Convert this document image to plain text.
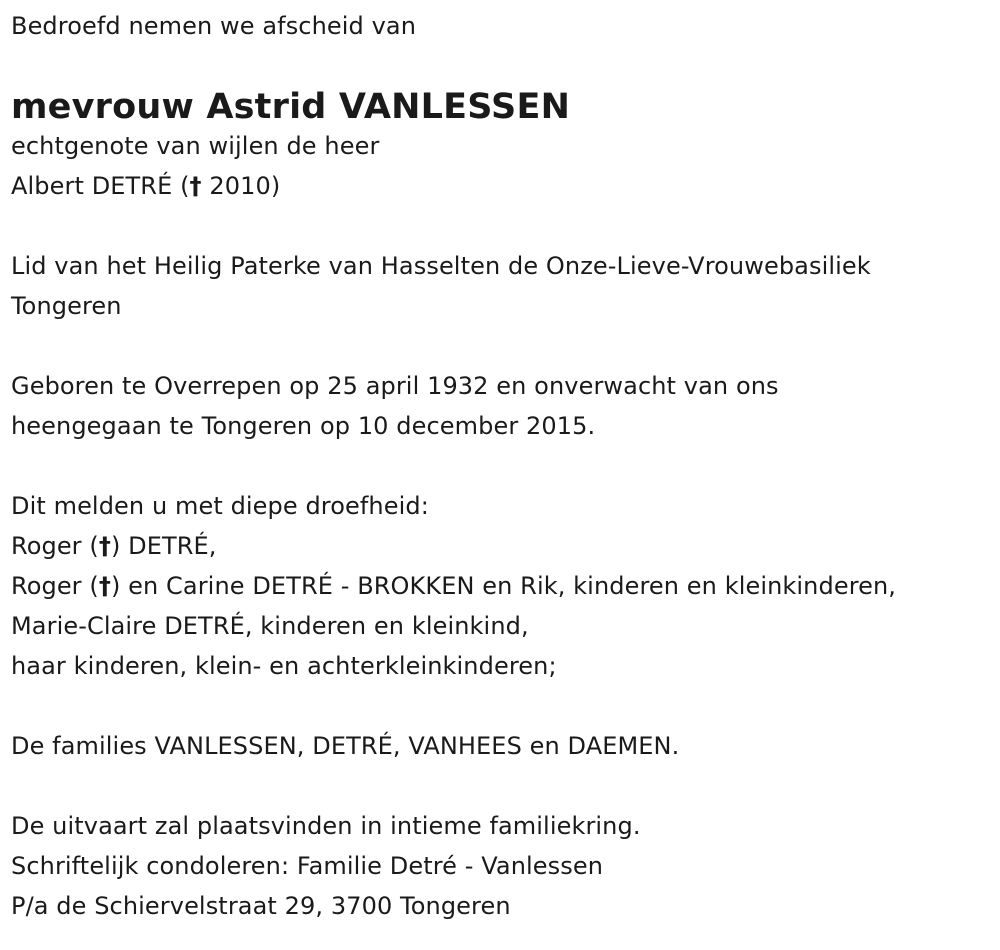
Bedroefd nemen we afscheid van
mevrouw Astrid VANLESSEN
echtgenote van wijlen de heer
Albert DETRÉ († 2010)
Lid van het Heilig Paterke van Hasselten de Onze-Lieve-Vrouwebasiliek
Tongeren
Geboren te Overrepen op 25 april 1932 en onverwacht van ons
heengegaan te Tongeren op 10 december 2015.
Dit melden u met diepe droefheid:
Roger (†) DETRÉ,
Roger (†) en Carine DETRÉ - BROKKEN en Rik, kinderen en kleinkinderen,
Marie-Claire DETRÉ, kinderen en kleinkind,
haar kinderen, klein- en achterkleinkinderen;
De families VANLESSEN, DETRÉ, VANHEES en DAEMEN.
De uitvaart zal plaatsvinden in intieme familiekring.
Schriftelijk condoleren: Familie Detré - Vanlessen
P/a de Schiervelstraat 29, 3700 Tongeren
